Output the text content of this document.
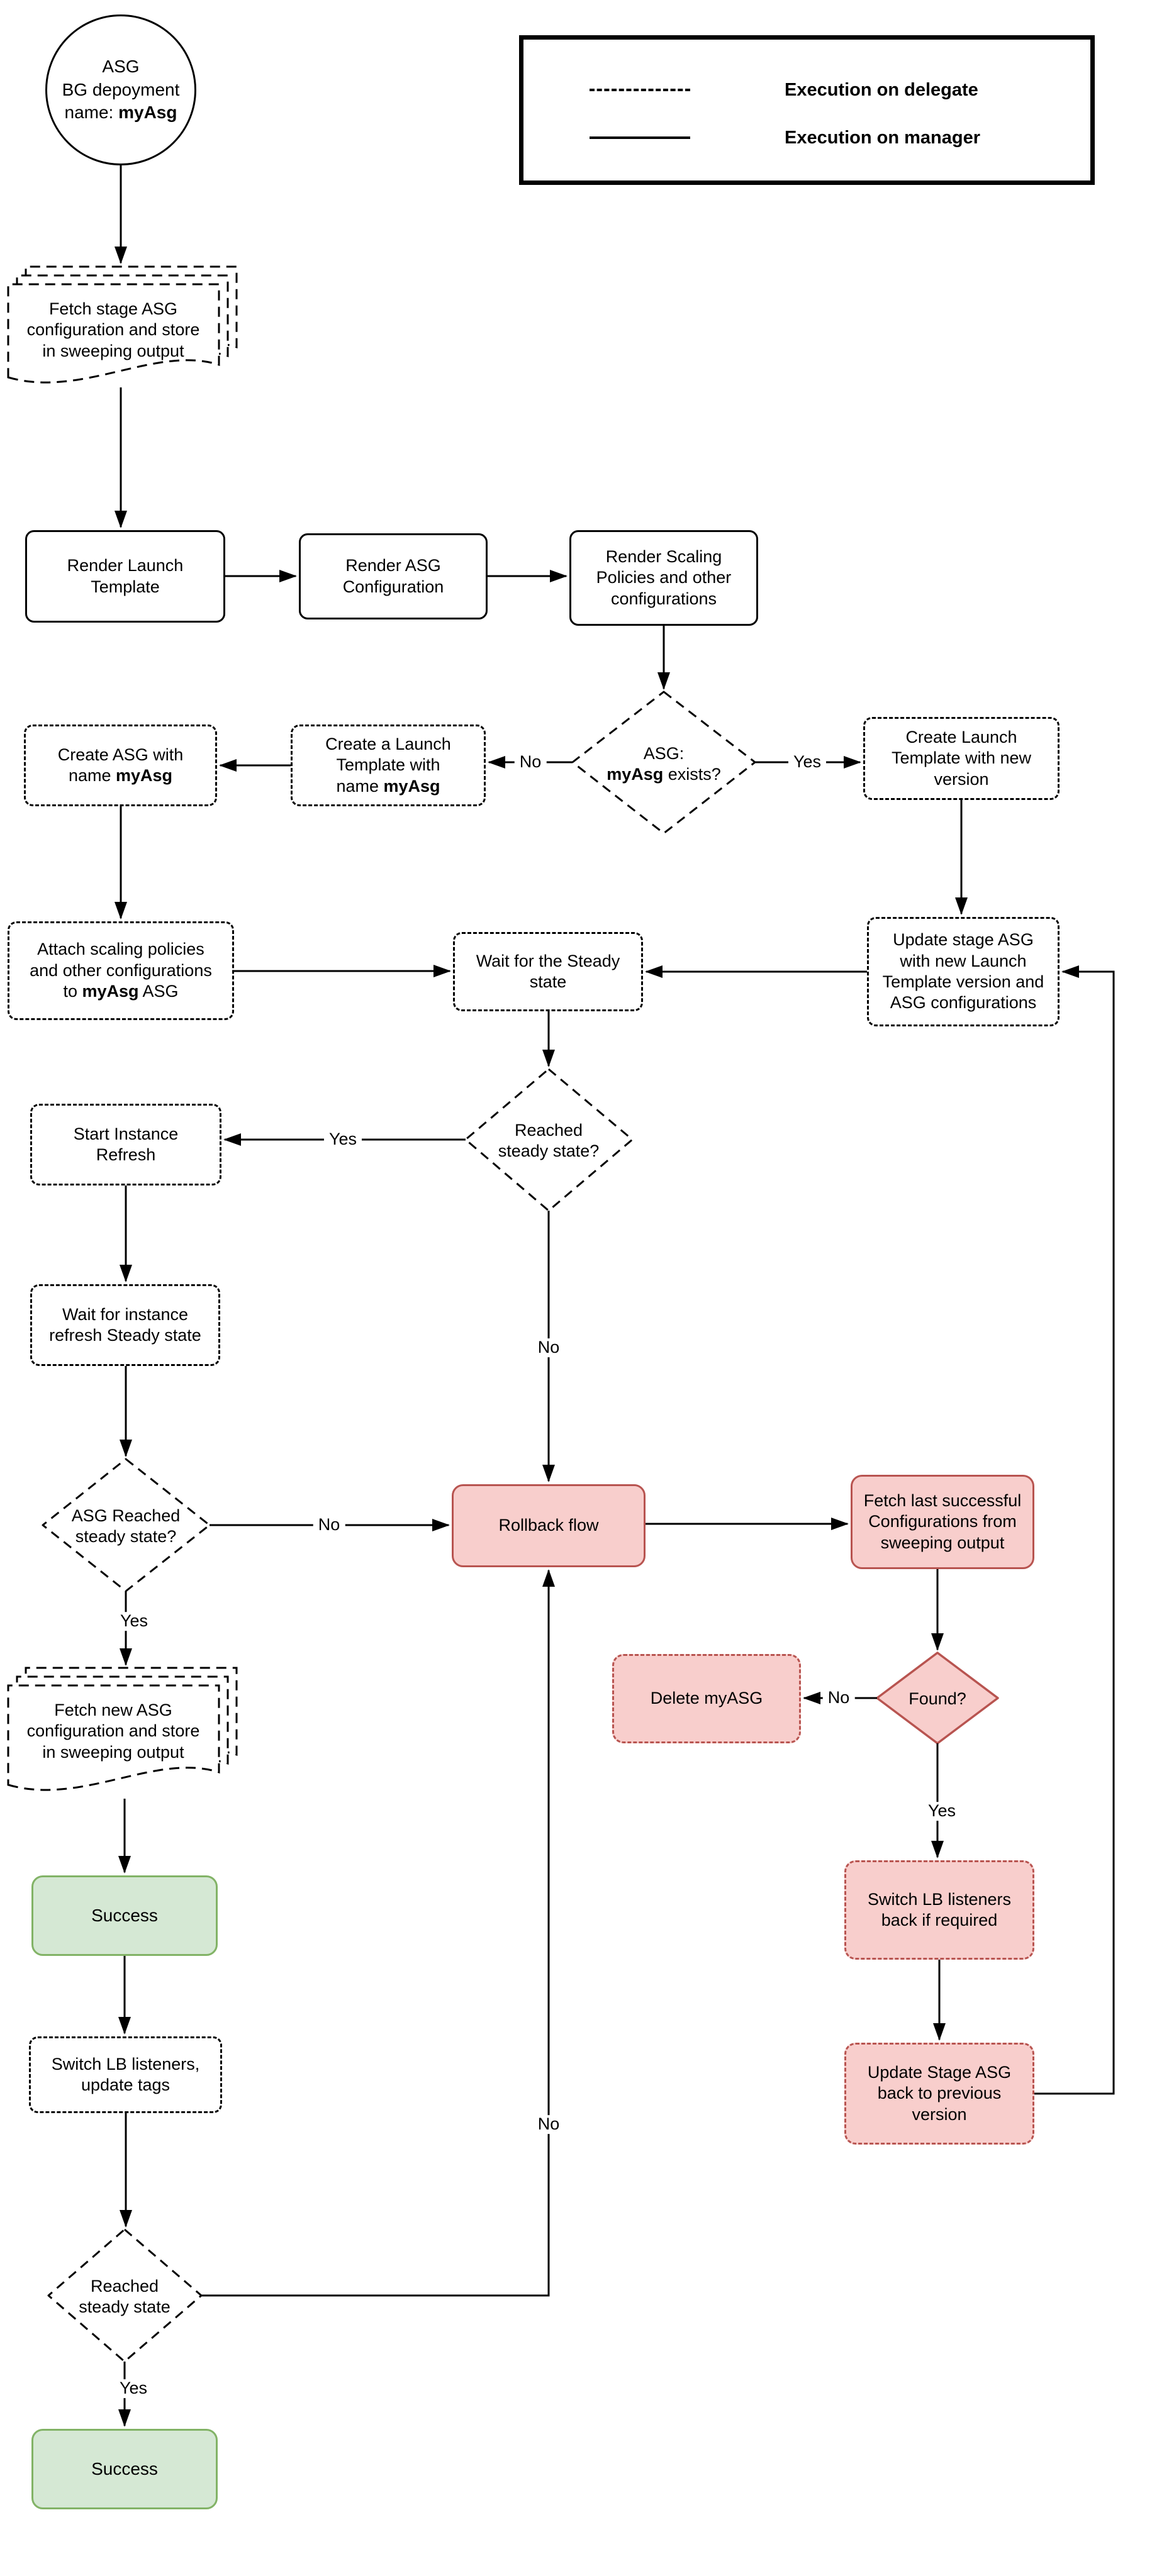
ASG
BG depoyment
name: myAsg
Execution on delegate
Execution on manager
Fetch stage ASG
configuration and store
in sweeping output
Fetch new ASG
configuration and store
in sweeping output
Render Launch
Template
Render ASG
Configuration
Render Scaling
Policies and other
configurations
Create Launch
Template with new
version
Create a Launch
Template with
name myAsg
Create ASG with
name myAsg
Attach scaling policies
and other configurations
to myAsg ASG
Wait for the Steady
state
Update stage ASG
with new Launch
Template version and
ASG configurations
Start Instance
Refresh
Wait for instance
refresh Steady state
Rollback flow
Fetch last successful
Configurations from
sweeping output
Delete myASG
Switch LB listeners
back if required
Update Stage ASG
back to previous
version
Success
Switch LB listeners,
update tags
Success
ASG:
myAsg exists?
Reached
steady state?
ASG Reached
steady state?
Found?
Reached
steady state
No	Yes
Yes
No
No
Yes
No
Yes
No
Yes
